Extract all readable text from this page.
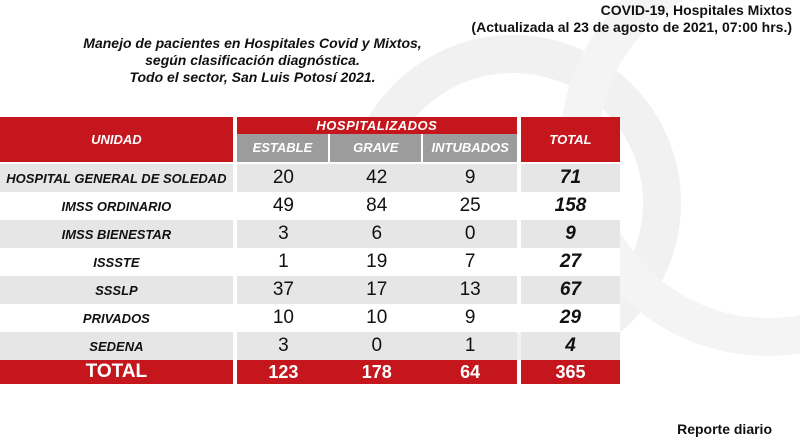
COVID-19, Hospitales Mixtos
(Actualizada al 23 de agosto de 2021, 07:00 hrs.)
Manejo de pacientes en Hospitales Covid y Mixtos,
según clasificación diagnóstica.
Todo el sector, San Luis Potosí 2021.
UNIDAD		HOSPITALIZADOS				TOTAL
		ESTABLE	GRAVE	INTUBADOS		

HOSPITAL GENERAL DE SOLEDAD		20	42	9		71
IMSS ORDINARIO		49	84	25		158
IMSS BIENESTAR		3	6	0		9
ISSSTE		1	19	7		27
SSSLP		37	17	13		67
PRIVADOS		10	10	9		29
SEDENA		3	0	1		4
TOTAL		123	178	64		365
Reporte diario
